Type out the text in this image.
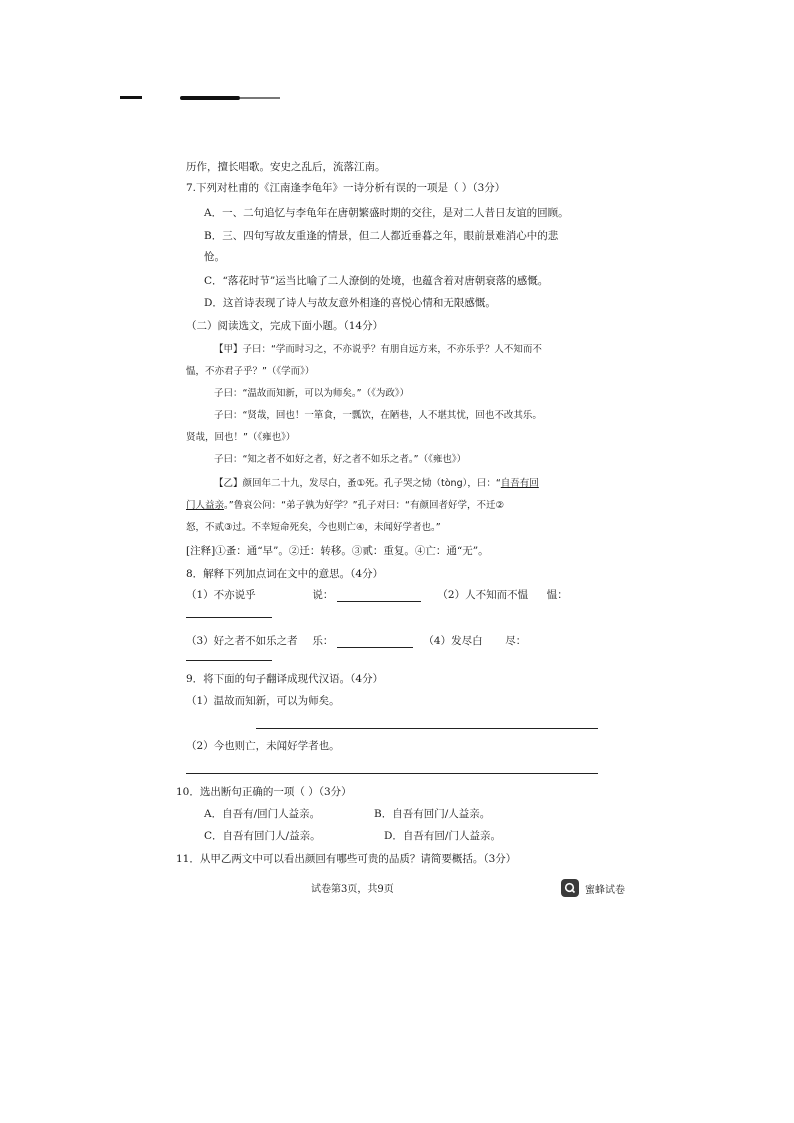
历作，擅长唱歌。安史之乱后，流落江南。
7.下列对杜甫的《江南逢李龟年》一诗分析有误的一项是（ ）（3分）
A．一、二句追忆与李龟年在唐朝繁盛时期的交往，是对二人昔日友谊的回顾。
B．三、四句写故友重逢的情景，但二人都近垂暮之年，眼前景难消心中的悲
怆。
C．“落花时节”运当比喻了二人潦倒的处境，也蕴含着对唐朝衰落的感慨。
D．这首诗表现了诗人与故友意外相逢的喜悦心情和无限感慨。
（二）阅读选文，完成下面小题。（14分）
【甲】子曰：“学而时习之，不亦说乎？有朋自远方来，不亦乐乎？人不知而不
愠，不亦君子乎？”（《学而》）
子曰：“温故而知新，可以为师矣。”（《为政》）
子曰：“贤哉，回也！一箪食，一瓢饮，在陋巷，人不堪其忧，回也不改其乐。
贤哉，回也！”（《雍也》）
子曰：“知之者不如好之者，好之者不如乐之者。”（《雍也》）
【乙】颜回年二十九，发尽白，蚤①死。孔子哭之恸（tòng），曰：“自吾有回
门人益亲。”鲁哀公问：“弟子孰为好学？”孔子对曰：“有颜回者好学，不迁②
怒，不贰③过。不幸短命死矣，今也则亡④，未闻好学者也。”
[注释]①蚤：通“早”。②迁：转移。③贰：重复。④亡：通“无”。
8．解释下列加点词在文中的意思。（4分）
（1）不亦说乎	说：	（2）人不知而不愠 愠：
（3）好之者不如乐之者 乐：	（4）发尽白 尽：
9．将下面的句子翻译成现代汉语。（4分）
（1）温故而知新，可以为师矣。
（2）今也则亡，未闻好学者也。
10．选出断句正确的一项（ ）（3分）
A．自吾有/回门人益亲。	B．自吾有回门/人益亲。
C．自吾有回门人/益亲。	D．自吾有回/门人益亲。
11．从甲乙两文中可以看出颜回有哪些可贵的品质？请简要概括。（3分）
试卷第3页，共9页	蜜蜂试卷
